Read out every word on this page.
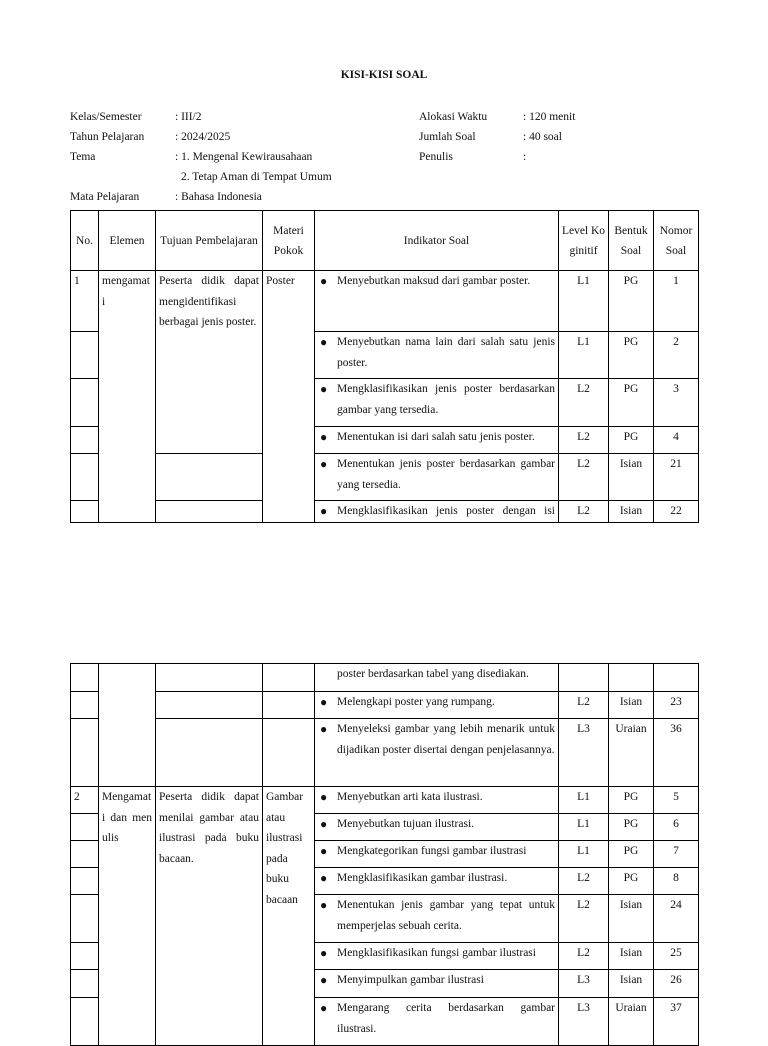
KISI-KISI SOAL
Kelas/Semester	: III/2
Tahun Pelajaran	: 2024/2025
Tema	: 1. Mengenal Kewirausahaan
2. Tetap Aman di Tempat Umum
Mata Pelajaran	: Bahasa Indonesia
Alokasi Waktu	: 120 menit
Jumlah Soal	: 40 soal
Penulis	:
No.	Elemen	Tujuan Pembelajaran	Materi Pokok	Indikator Soal	Level Koginitif	Bentuk Soal	Nomor Soal
1	mengamati	Peserta didik dapat mengidentifikasi berbagai jenis poster.	Poster	● Menyebutkan maksud dari gambar poster.	L1	PG	1

				● Menyebutkan nama lain dari salah satu jenis poster.	L1	PG	2

				● Mengklasifikasikan jenis poster berdasarkan gambar yang tersedia.	L2	PG	3

				● Menentukan isi dari salah satu jenis poster.	L2	PG	4

				● Menentukan jenis poster berdasarkan gambar yang tersedia.	L2	Isian	21

				● Mengklasifikasikan jenis poster dengan isi	L2	Isian	22
				poster berdasarkan tabel yang disediakan.			

				● Melengkapi poster yang rumpang.	L2	Isian	23

				● Menyeleksi gambar yang lebih menarik untuk dijadikan poster disertai dengan penjelasannya.	L3	Uraian	36
2	Mengamati dan menulis	Peserta didik dapat menilai gambar atau ilustrasi pada buku bacaan.	Gambar atau ilustrasi pada buku bacaan	● Menyebutkan arti kata ilustrasi.	L1	PG	5

				● Menyebutkan tujuan ilustrasi.	L1	PG	6

				● Mengkategorikan fungsi gambar ilustrasi	L1	PG	7

				● Mengklasifikasikan gambar ilustrasi.	L2	PG	8

				● Menentukan jenis gambar yang tepat untuk memperjelas sebuah cerita.	L2	Isian	24

				● Mengklasifikasikan fungsi gambar ilustrasi	L2	Isian	25

				● Menyimpulkan gambar ilustrasi	L3	Isian	26

				● Mengarang cerita berdasarkan gambar ilustrasi.	L3	Uraian	37
